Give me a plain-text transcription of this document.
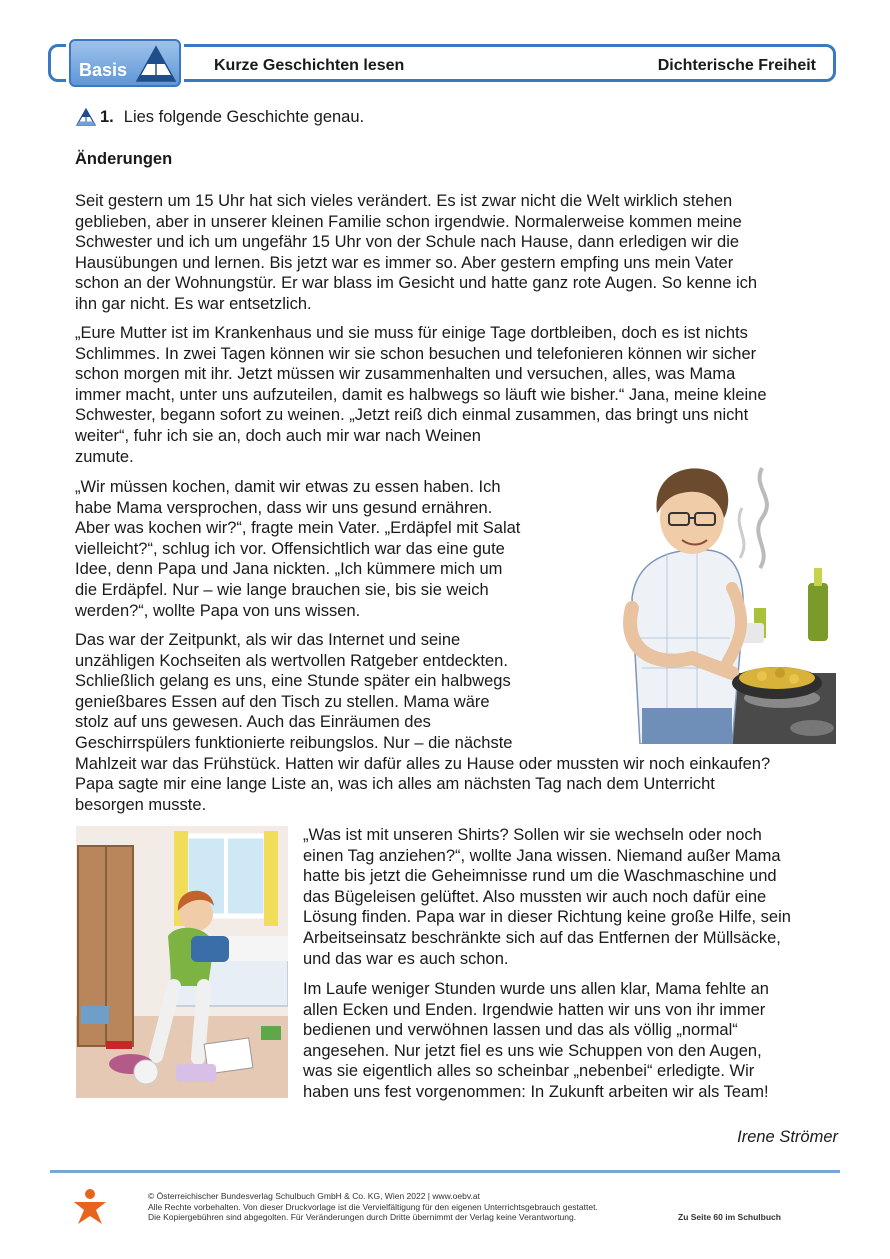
Basis	Kurze Geschichten lesen	Dichterische Freiheit
1. Lies folgende Geschichte genau.
Änderungen

Seit gestern um 15 Uhr hat sich vieles verändert. Es ist zwar nicht die Welt wirklich stehen

geblieben, aber in unserer kleinen Familie schon irgendwie. Normalerweise kommen meine

Schwester und ich um ungefähr 15 Uhr von der Schule nach Hause, dann erledigen wir die

Hausübungen und lernen. Bis jetzt war es immer so. Aber gestern empfing uns mein Vater

schon an der Wohnungstür. Er war blass im Gesicht und hatte ganz rote Augen. So kenne ich

ihn gar nicht. Es war entsetzlich.

„Eure Mutter ist im Krankenhaus und sie muss für einige Tage dortbleiben, doch es ist nichts

Schlimmes. In zwei Tagen können wir sie schon besuchen und telefonieren können wir sicher

schon morgen mit ihr. Jetzt müssen wir zusammenhalten und versuchen, alles, was Mama

immer macht, unter uns aufzuteilen, damit es halbwegs so läuft wie bisher.“ Jana, meine kleine

Schwester, begann sofort zu weinen. „Jetzt reiß dich einmal zusammen, das bringt uns nicht

weiter“, fuhr ich sie an, doch auch mir war nach Weinen

zumute.

„Wir müssen kochen, damit wir etwas zu essen haben. Ich

habe Mama versprochen, dass wir uns gesund ernähren.

Aber was kochen wir?“, fragte mein Vater. „Erdäpfel mit Salat

vielleicht?“, schlug ich vor. Offensichtlich war das eine gute

Idee, denn Papa und Jana nickten. „Ich kümmere mich um

die Erdäpfel. Nur – wie lange brauchen sie, bis sie weich

werden?“, wollte Papa von uns wissen.

Das war der Zeitpunkt, als wir das Internet und seine

unzähligen Kochseiten als wertvollen Ratgeber entdeckten.

Schließlich gelang es uns, eine Stunde später ein halbwegs

genießbares Essen auf den Tisch zu stellen. Mama wäre

stolz auf uns gewesen. Auch das Einräumen des

Geschirrspülers funktionierte reibungslos. Nur – die nächste

Mahlzeit war das Frühstück. Hatten wir dafür alles zu Hause oder mussten wir noch einkaufen?

Papa sagte mir eine lange Liste an, was ich alles am nächsten Tag nach dem Unterricht

besorgen musste.

„Was ist mit unseren Shirts? Sollen wir sie wechseln oder noch

einen Tag anziehen?“, wollte Jana wissen. Niemand außer Mama

hatte bis jetzt die Geheimnisse rund um die Waschmaschine und

das Bügeleisen gelüftet. Also mussten wir auch noch dafür eine

Lösung finden. Papa war in dieser Richtung keine große Hilfe, sein

Arbeitseinsatz beschränkte sich auf das Entfernen der Müllsäcke,

und das war es auch schon.

Im Laufe weniger Stunden wurde uns allen klar, Mama fehlte an

allen Ecken und Enden. Irgendwie hatten wir uns von ihr immer

bedienen und verwöhnen lassen und das als völlig „normal“

angesehen. Nur jetzt fiel es uns wie Schuppen von den Augen,

was sie eigentlich alles so scheinbar „nebenbei“ erledigte. Wir

haben uns fest vorgenommen: In Zukunft arbeiten wir als Team!

Irene Strömer
© Österreichischer Bundesverlag Schulbuch GmbH & Co. KG, Wien 2022 | www.oebv.at
Alle Rechte vorbehalten. Von dieser Druckvorlage ist die Vervielfältigung für den eigenen Unterrichtsgebrauch gestattet.
Die Kopiergebühren sind abgegolten. Für Veränderungen durch Dritte übernimmt der Verlag keine Verantwortung.	Zu Seite 60 im Schulbuch
